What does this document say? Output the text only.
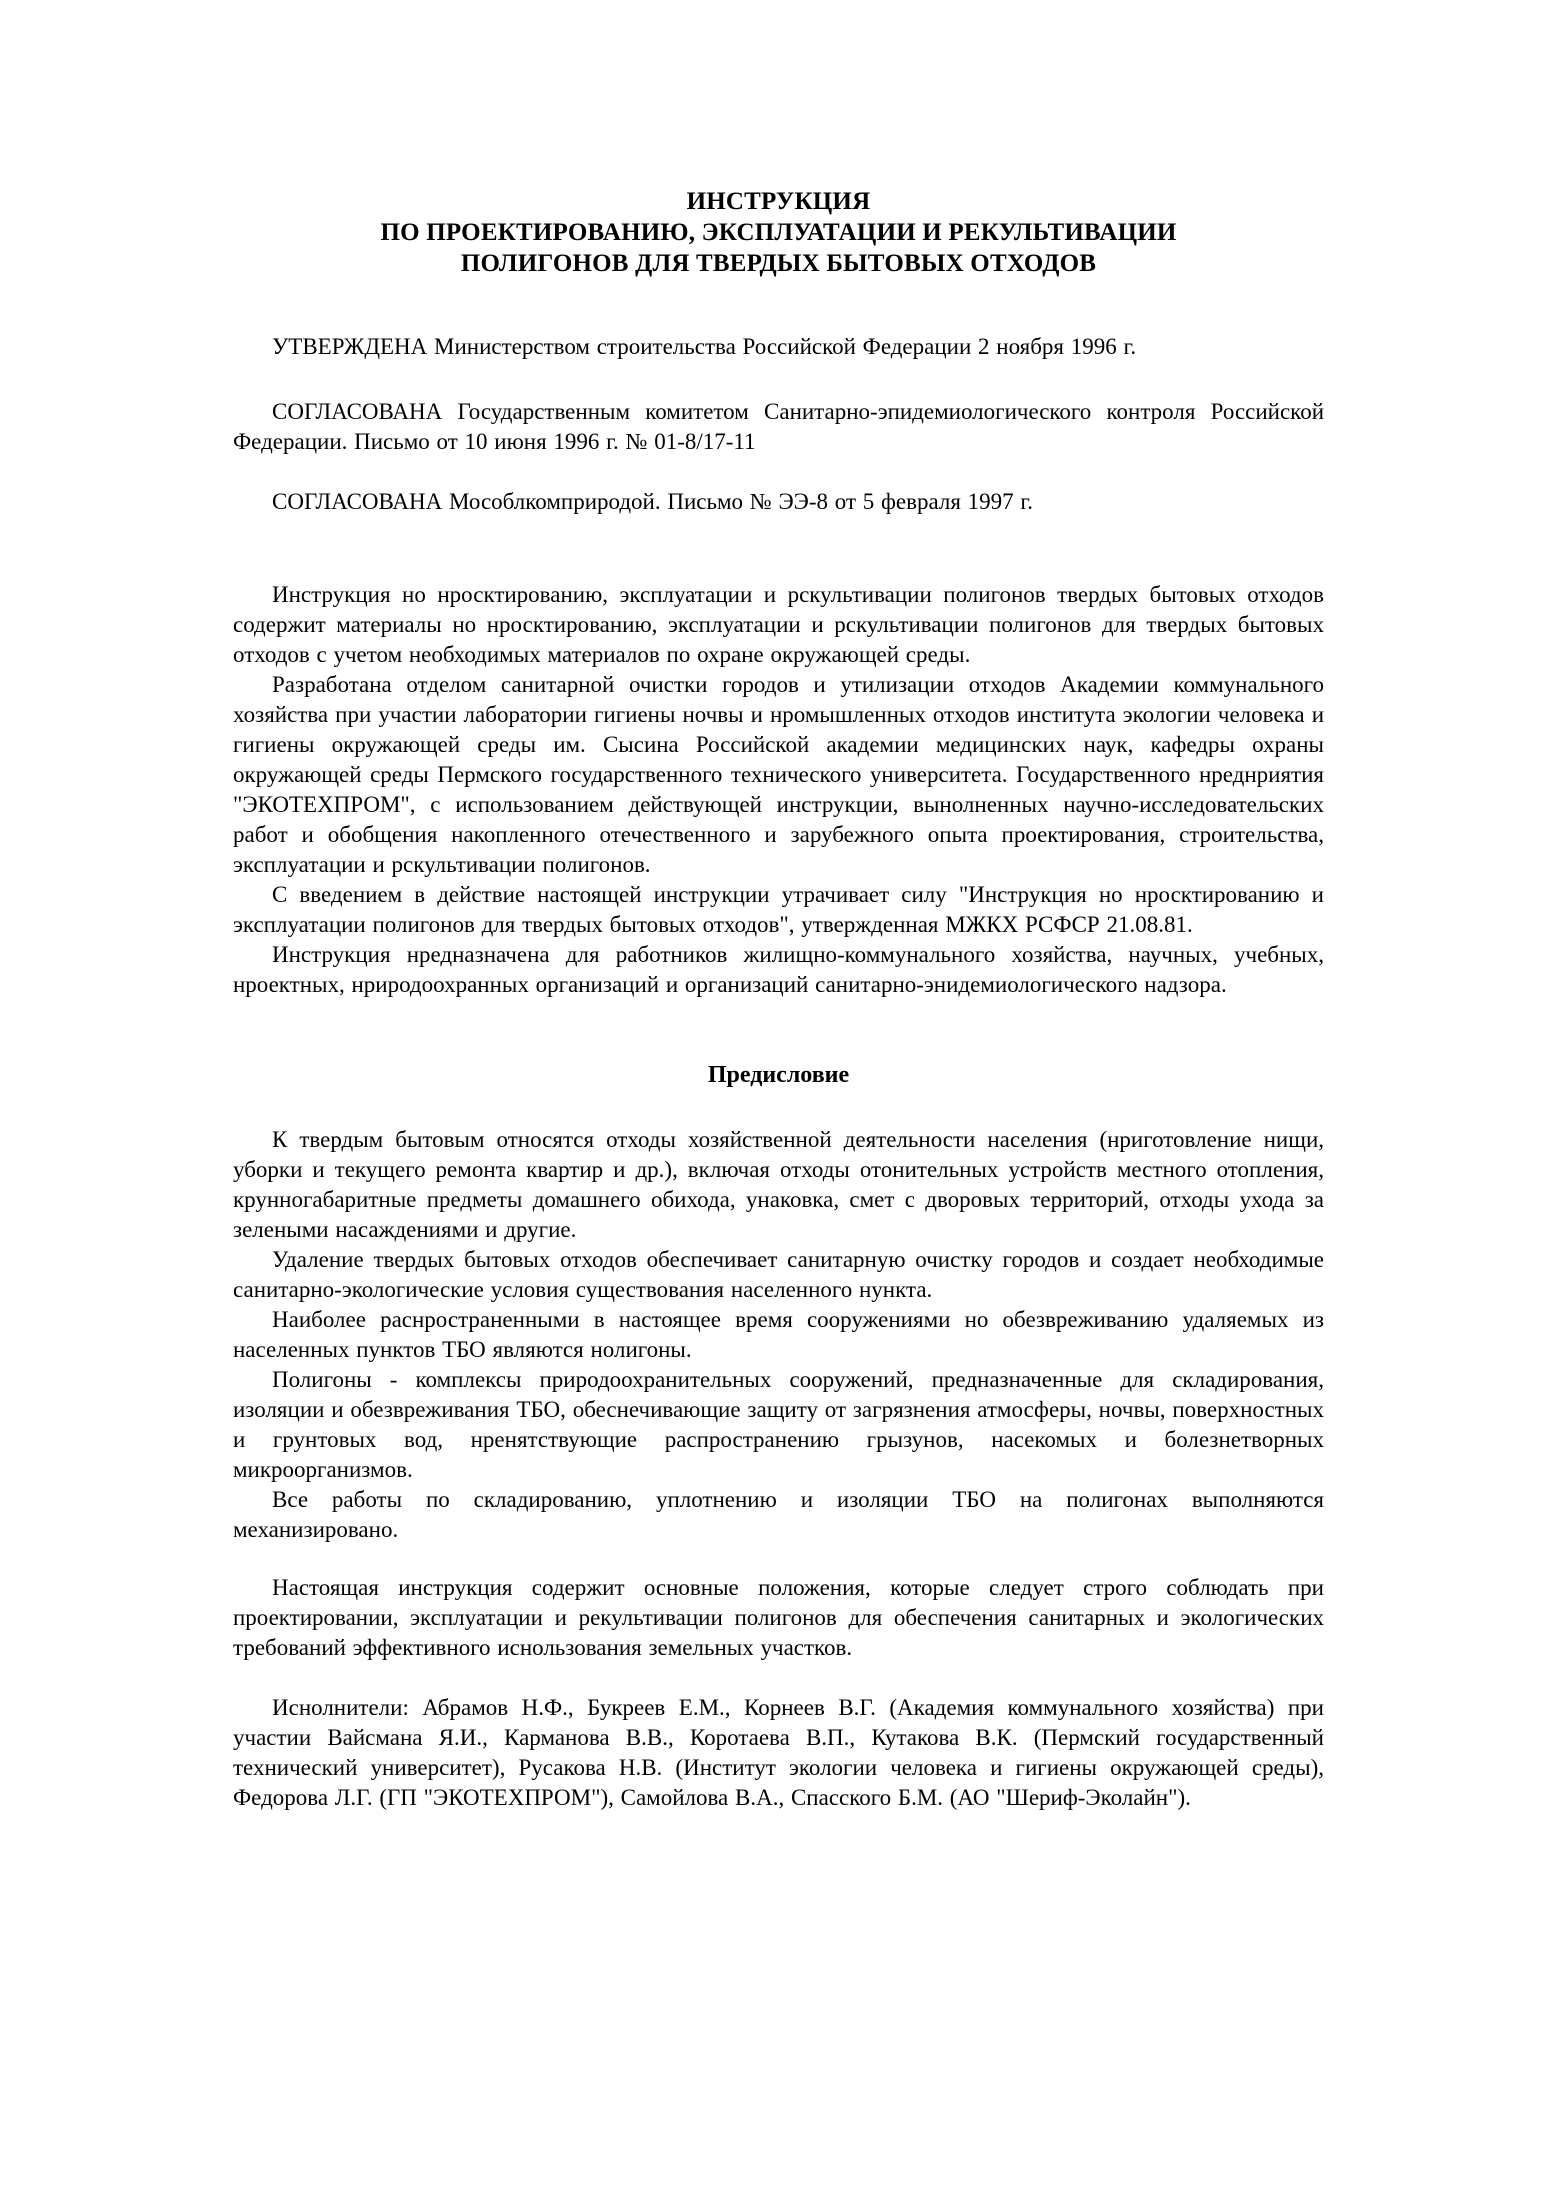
ИНСТРУКЦИЯ
ПО ПРОЕКТИРОВАНИЮ, ЭКСПЛУАТАЦИИ И РЕКУЛЬТИВАЦИИ
ПОЛИГОНОВ ДЛЯ ТВЕРДЫХ БЫТОВЫХ ОТХОДОВ

УТВЕРЖДЕНА Министерством строительства Российской Федерации 2 ноября 1996 г.

СОГЛАСОВАНА Государственным комитетом Санитарно-эпидемиологического контроля Российской Федерации. Письмо от 10 июня 1996 г. № 01-8/17-11

СОГЛАСОВАНА Мособлкомприродой. Письмо № ЭЭ-8 от 5 февраля 1997 г.

Инструкция но нросктированию, эксплуатации и рскультивации полигонов твердых бытовых отходов содержит материалы но нросктированию, эксплуатации и рскультивации полигонов для твердых бытовых отходов с учетом необходимых материалов по охране окружающей среды.

Разработана отделом санитарной очистки городов и утилизации отходов Академии коммунального хозяйства при участии лаборатории гигиены ночвы и нромышленных отходов института экологии человека и гигиены окружающей среды им. Сысина Российской академии медицинских наук, кафедры охраны окружающей среды Пермского государственного технического университета. Государственного нреднриятия "ЭКОТЕХПРОМ", с использованием действующей инструкции, вынолненных научно-исследовательских работ и обобщения накопленного отечественного и зарубежного опыта проектирования, строительства, эксплуатации и рскультивации полигонов.

С введением в действие настоящей инструкции утрачивает силу "Инструкция но нросктированию и эксплуатации полигонов для твердых бытовых отходов", утвержденная МЖКХ РСФСР 21.08.81.

Инструкция нредназначена для работников жилищно-коммунального хозяйства, научных, учебных, нроектных, нриродоохранных организаций и организаций санитарно-энидемиологического надзора.

Предисловие

К твердым бытовым относятся отходы хозяйственной деятельности населения (нриготовление нищи, уборки и текущего ремонта квартир и др.), включая отходы отонительных устройств местного отопления, крунногабаритные предметы домашнего обихода, унаковка, смет с дворовых территорий, отходы ухода за зелеными насаждениями и другие.

Удаление твердых бытовых отходов обеспечивает санитарную очистку городов и создает необходимые санитарно-экологические условия существования населенного нункта.

Наиболее раснространенными в настоящее время сооружениями но обезвреживанию удаляемых из населенных пунктов ТБО являются нолигоны.

Полигоны - комплексы природоохранительных сооружений, предназначенные для складирования, изоляции и обезвреживания ТБО, обеснечивающие защиту от загрязнения атмосферы, ночвы, поверхностных и грунтовых вод, нренятствующие распространению грызунов, насекомых и болезнетворных микроорганизмов.

Все работы по складированию, уплотнению и изоляции ТБО на полигонах выполняются механизировано.

Настоящая инструкция содержит основные положения, которые следует строго соблюдать при проектировании, эксплуатации и рекультивации полигонов для обеспечения санитарных и экологических требований эффективного иснользования земельных участков.

Иснолнители: Абрамов Н.Ф., Букреев Е.М., Корнеев В.Г. (Академия коммунального хозяйства) при участии Вайсмана Я.И., Карманова В.В., Коротаева В.П., Кутакова В.К. (Пермский государственный технический университет), Русакова Н.В. (Институт экологии человека и гигиены окружающей среды), Федорова Л.Г. (ГП "ЭКОТЕХПРОМ"), Самойлова В.А., Спасского Б.М. (АО "Шериф-Эколайн").
